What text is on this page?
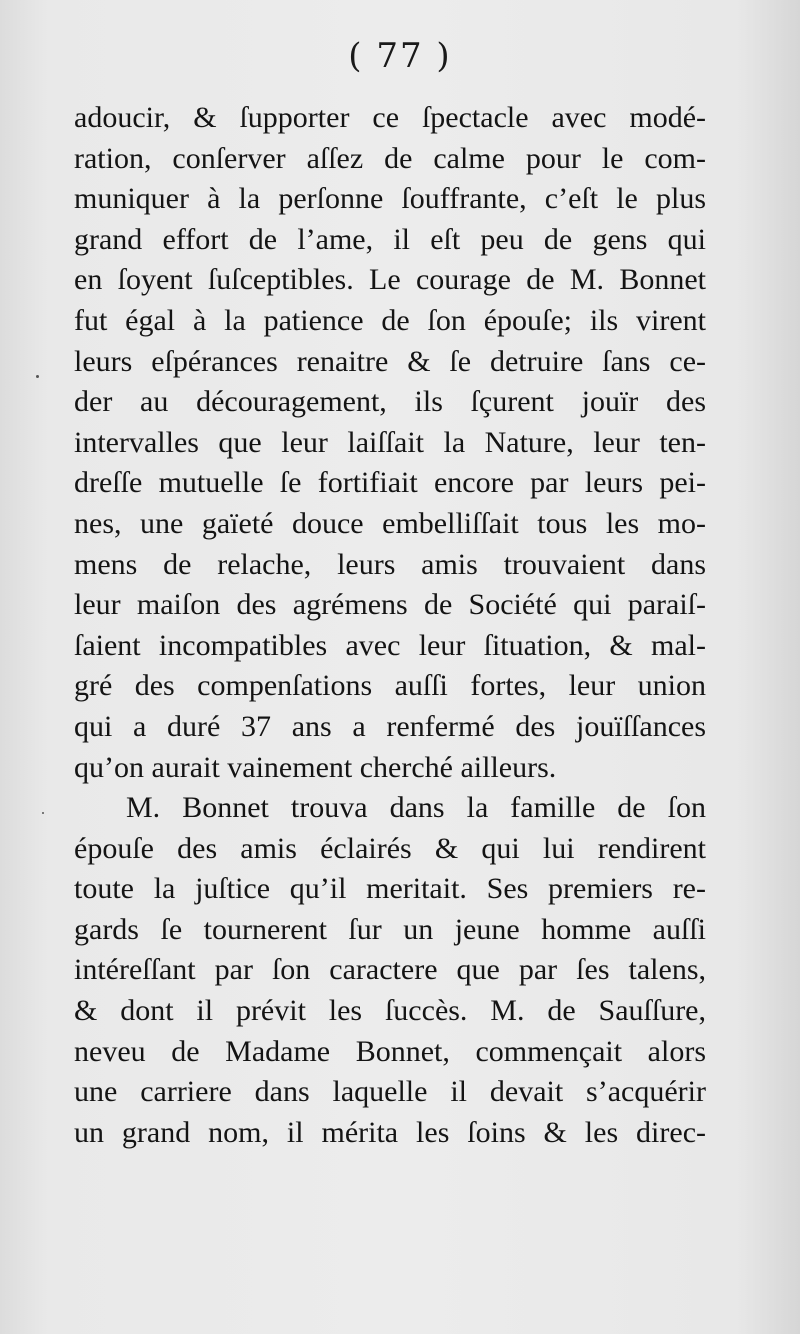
( 77 )
adoucir, & ſupporter ce ſpectacle avec modé-
ration, conſerver aſſez de calme pour le com-
muniquer à la perſonne ſouffrante, c’eſt le plus
grand effort de l’ame, il eſt peu de gens qui
en ſoyent ſuſceptibles. Le courage de M. Bonnet
fut égal à la patience de ſon épouſe; ils virent
leurs eſpérances renaitre & ſe detruire ſans ce-
der au découragement, ils ſçurent jouïr des
intervalles que leur laiſſait la Nature, leur ten-
dreſſe mutuelle ſe fortifiait encore par leurs pei-
nes, une gaïeté douce embelliſſait tous les mo-
mens de relache, leurs amis trouvaient dans
leur maiſon des agrémens de Société qui paraiſ-
ſaient incompatibles avec leur ſituation, & mal-
gré des compenſations auſſi fortes, leur union
qui a duré 37 ans a renfermé des jouïſſances
qu’on aurait vainement cherché ailleurs.
M. Bonnet trouva dans la famille de ſon
épouſe des amis éclairés & qui lui rendirent
toute la juſtice qu’il meritait. Ses premiers re-
gards ſe tournerent ſur un jeune homme auſſi
intéreſſant par ſon caractere que par ſes talens,
& dont il prévit les ſuccès. M. de Sauſſure,
neveu de Madame Bonnet, commençait alors
une carriere dans laquelle il devait s’acquérir
un grand nom, il mérita les ſoins & les direc-
